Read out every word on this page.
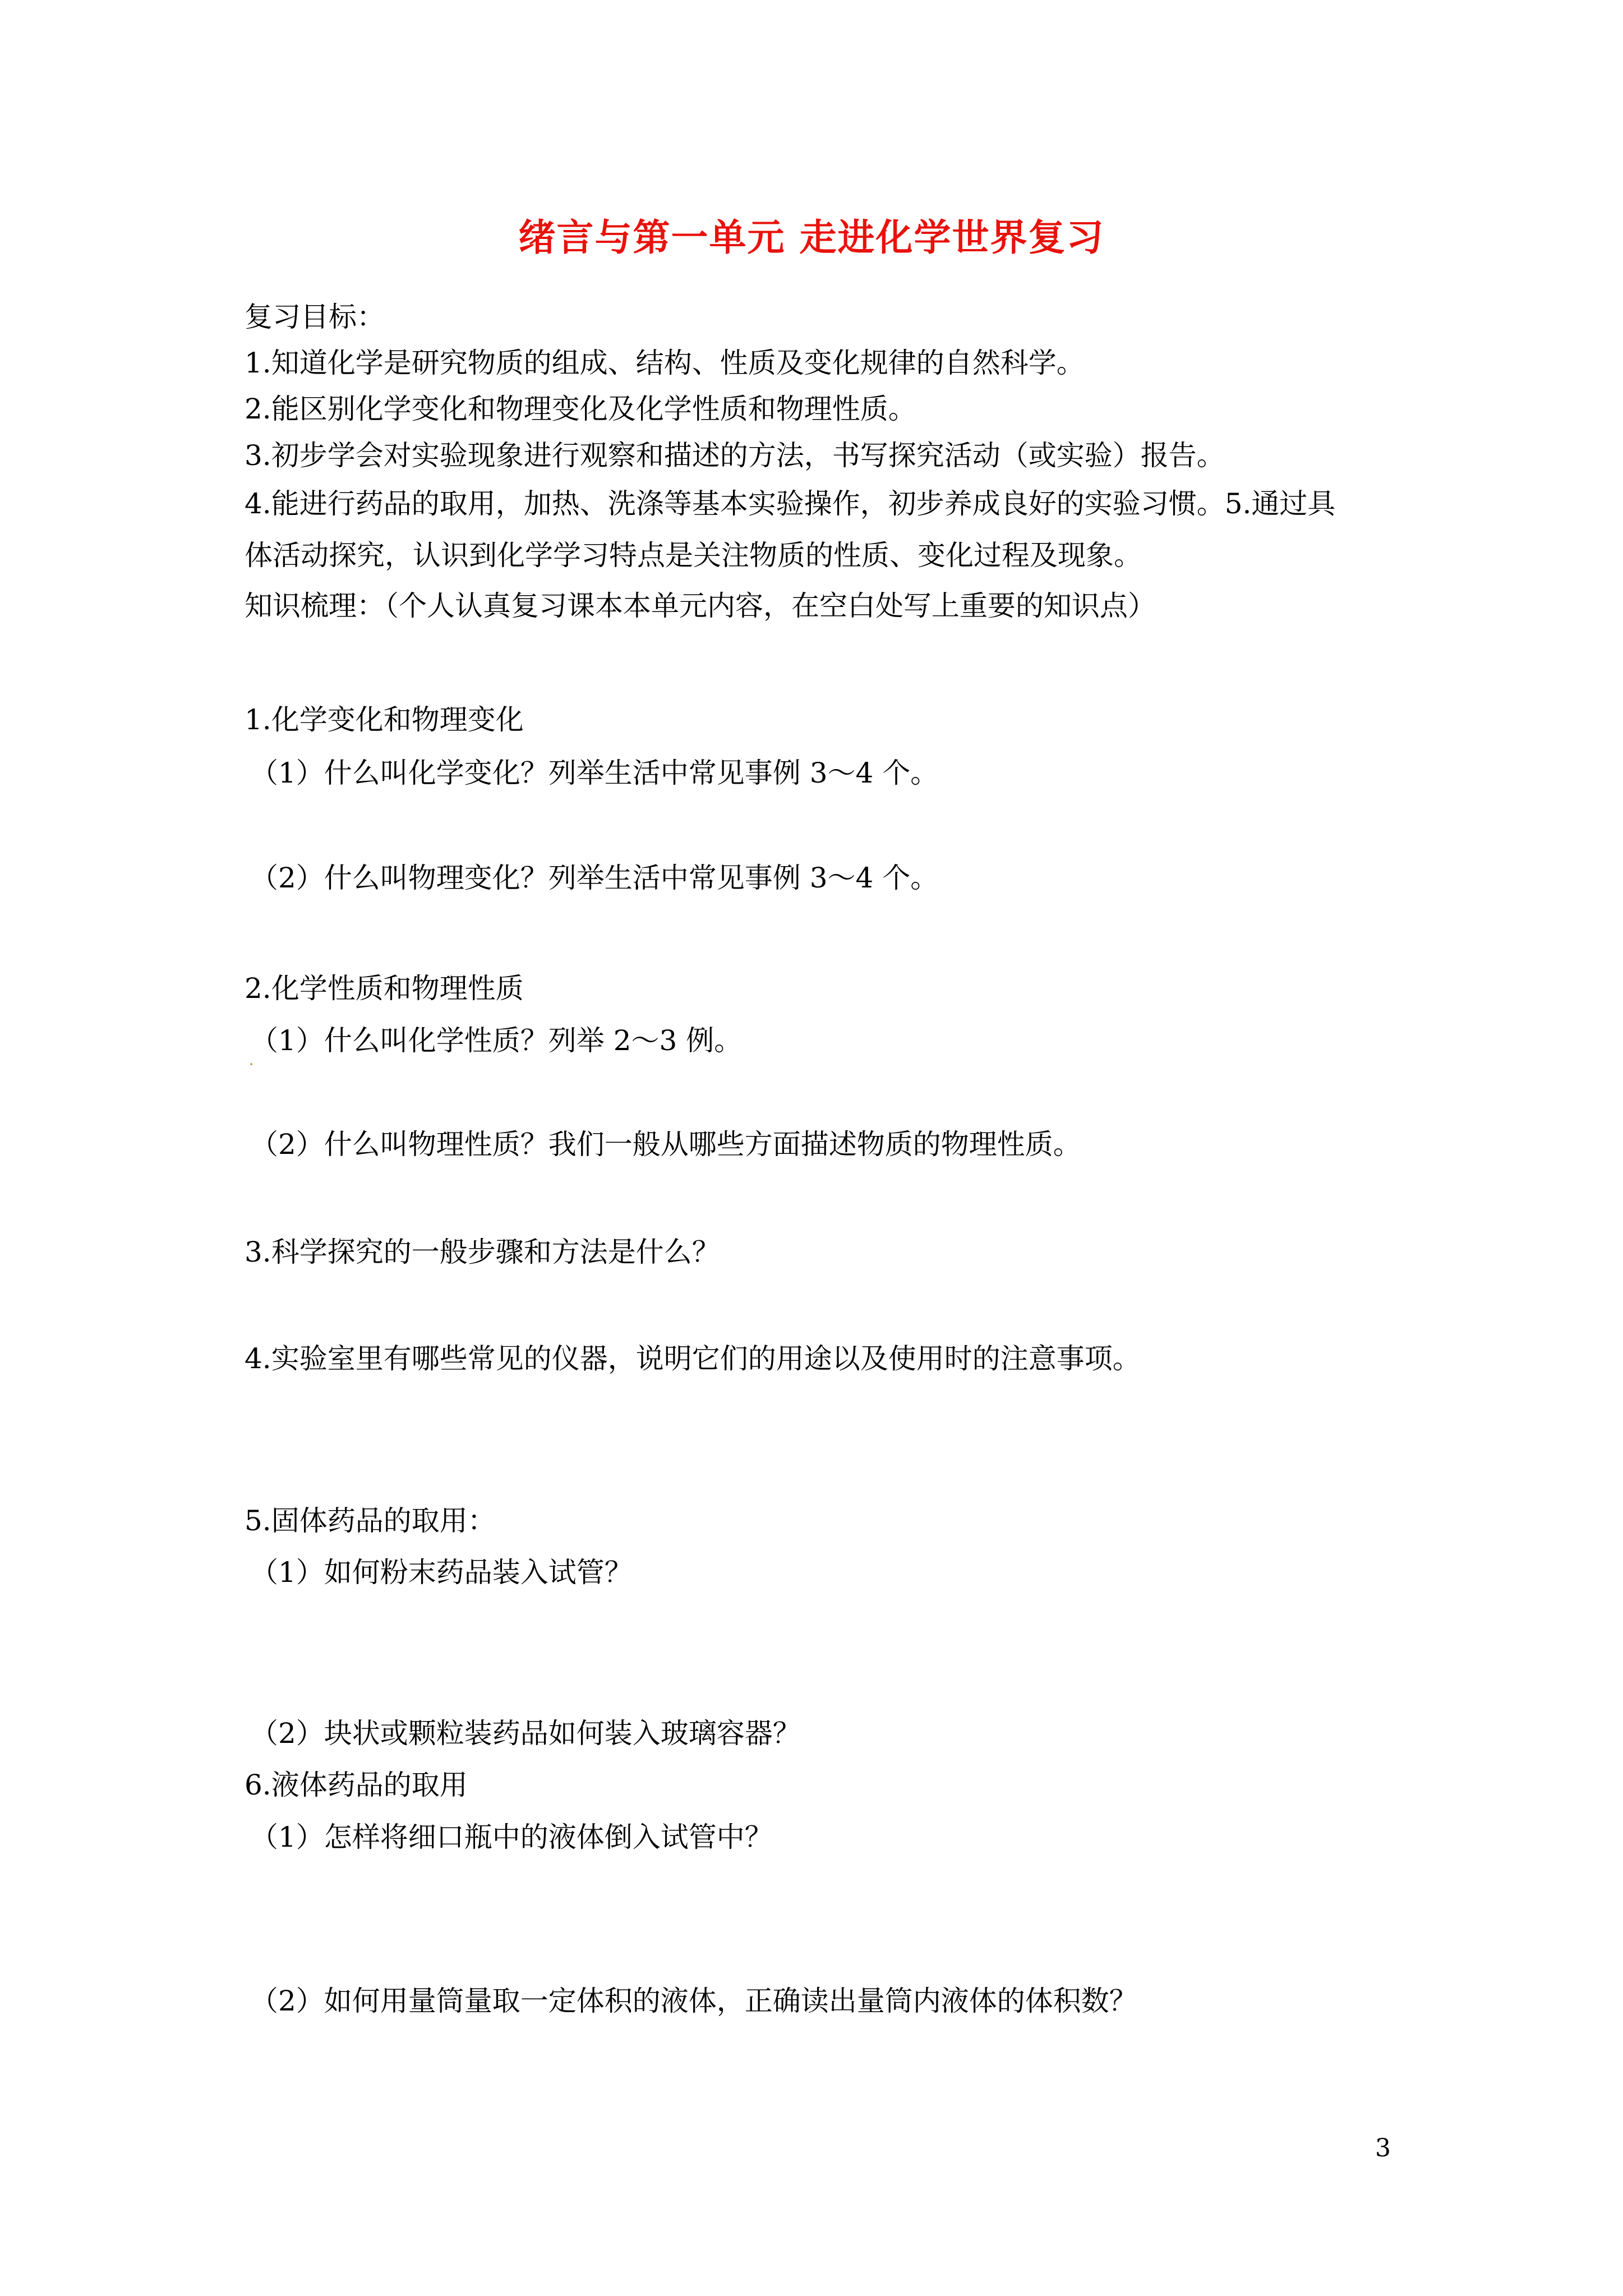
绪言与第一单元 走进化学世界复习
复习目标：
1.知道化学是研究物质的组成、结构、性质及变化规律的自然科学。
2.能区别化学变化和物理变化及化学性质和物理性质。
3.初步学会对实验现象进行观察和描述的方法，书写探究活动（或实验）报告。
4.能进行药品的取用，加热、洗涤等基本实验操作，初步养成良好的实验习惯。5.通过具
体活动探究，认识到化学学习特点是关注物质的性质、变化过程及现象。
知识梳理：（个人认真复习课本本单元内容，在空白处写上重要的知识点）
1.化学变化和物理变化
（1）什么叫化学变化？列举生活中常见事例 3～4 个。
（2）什么叫物理变化？列举生活中常见事例 3～4 个。
2.化学性质和物理性质
（1）什么叫化学性质？列举 2～3 例。
（2）什么叫物理性质？我们一般从哪些方面描述物质的物理性质。
3.科学探究的一般步骤和方法是什么？
4.实验室里有哪些常见的仪器，说明它们的用途以及使用时的注意事项。
5.固体药品的取用：
（1）如何粉末药品装入试管？
（2）块状或颗粒装药品如何装入玻璃容器？
6.液体药品的取用
（1）怎样将细口瓶中的液体倒入试管中？
（2）如何用量筒量取一定体积的液体，正确读出量筒内液体的体积数？
3
